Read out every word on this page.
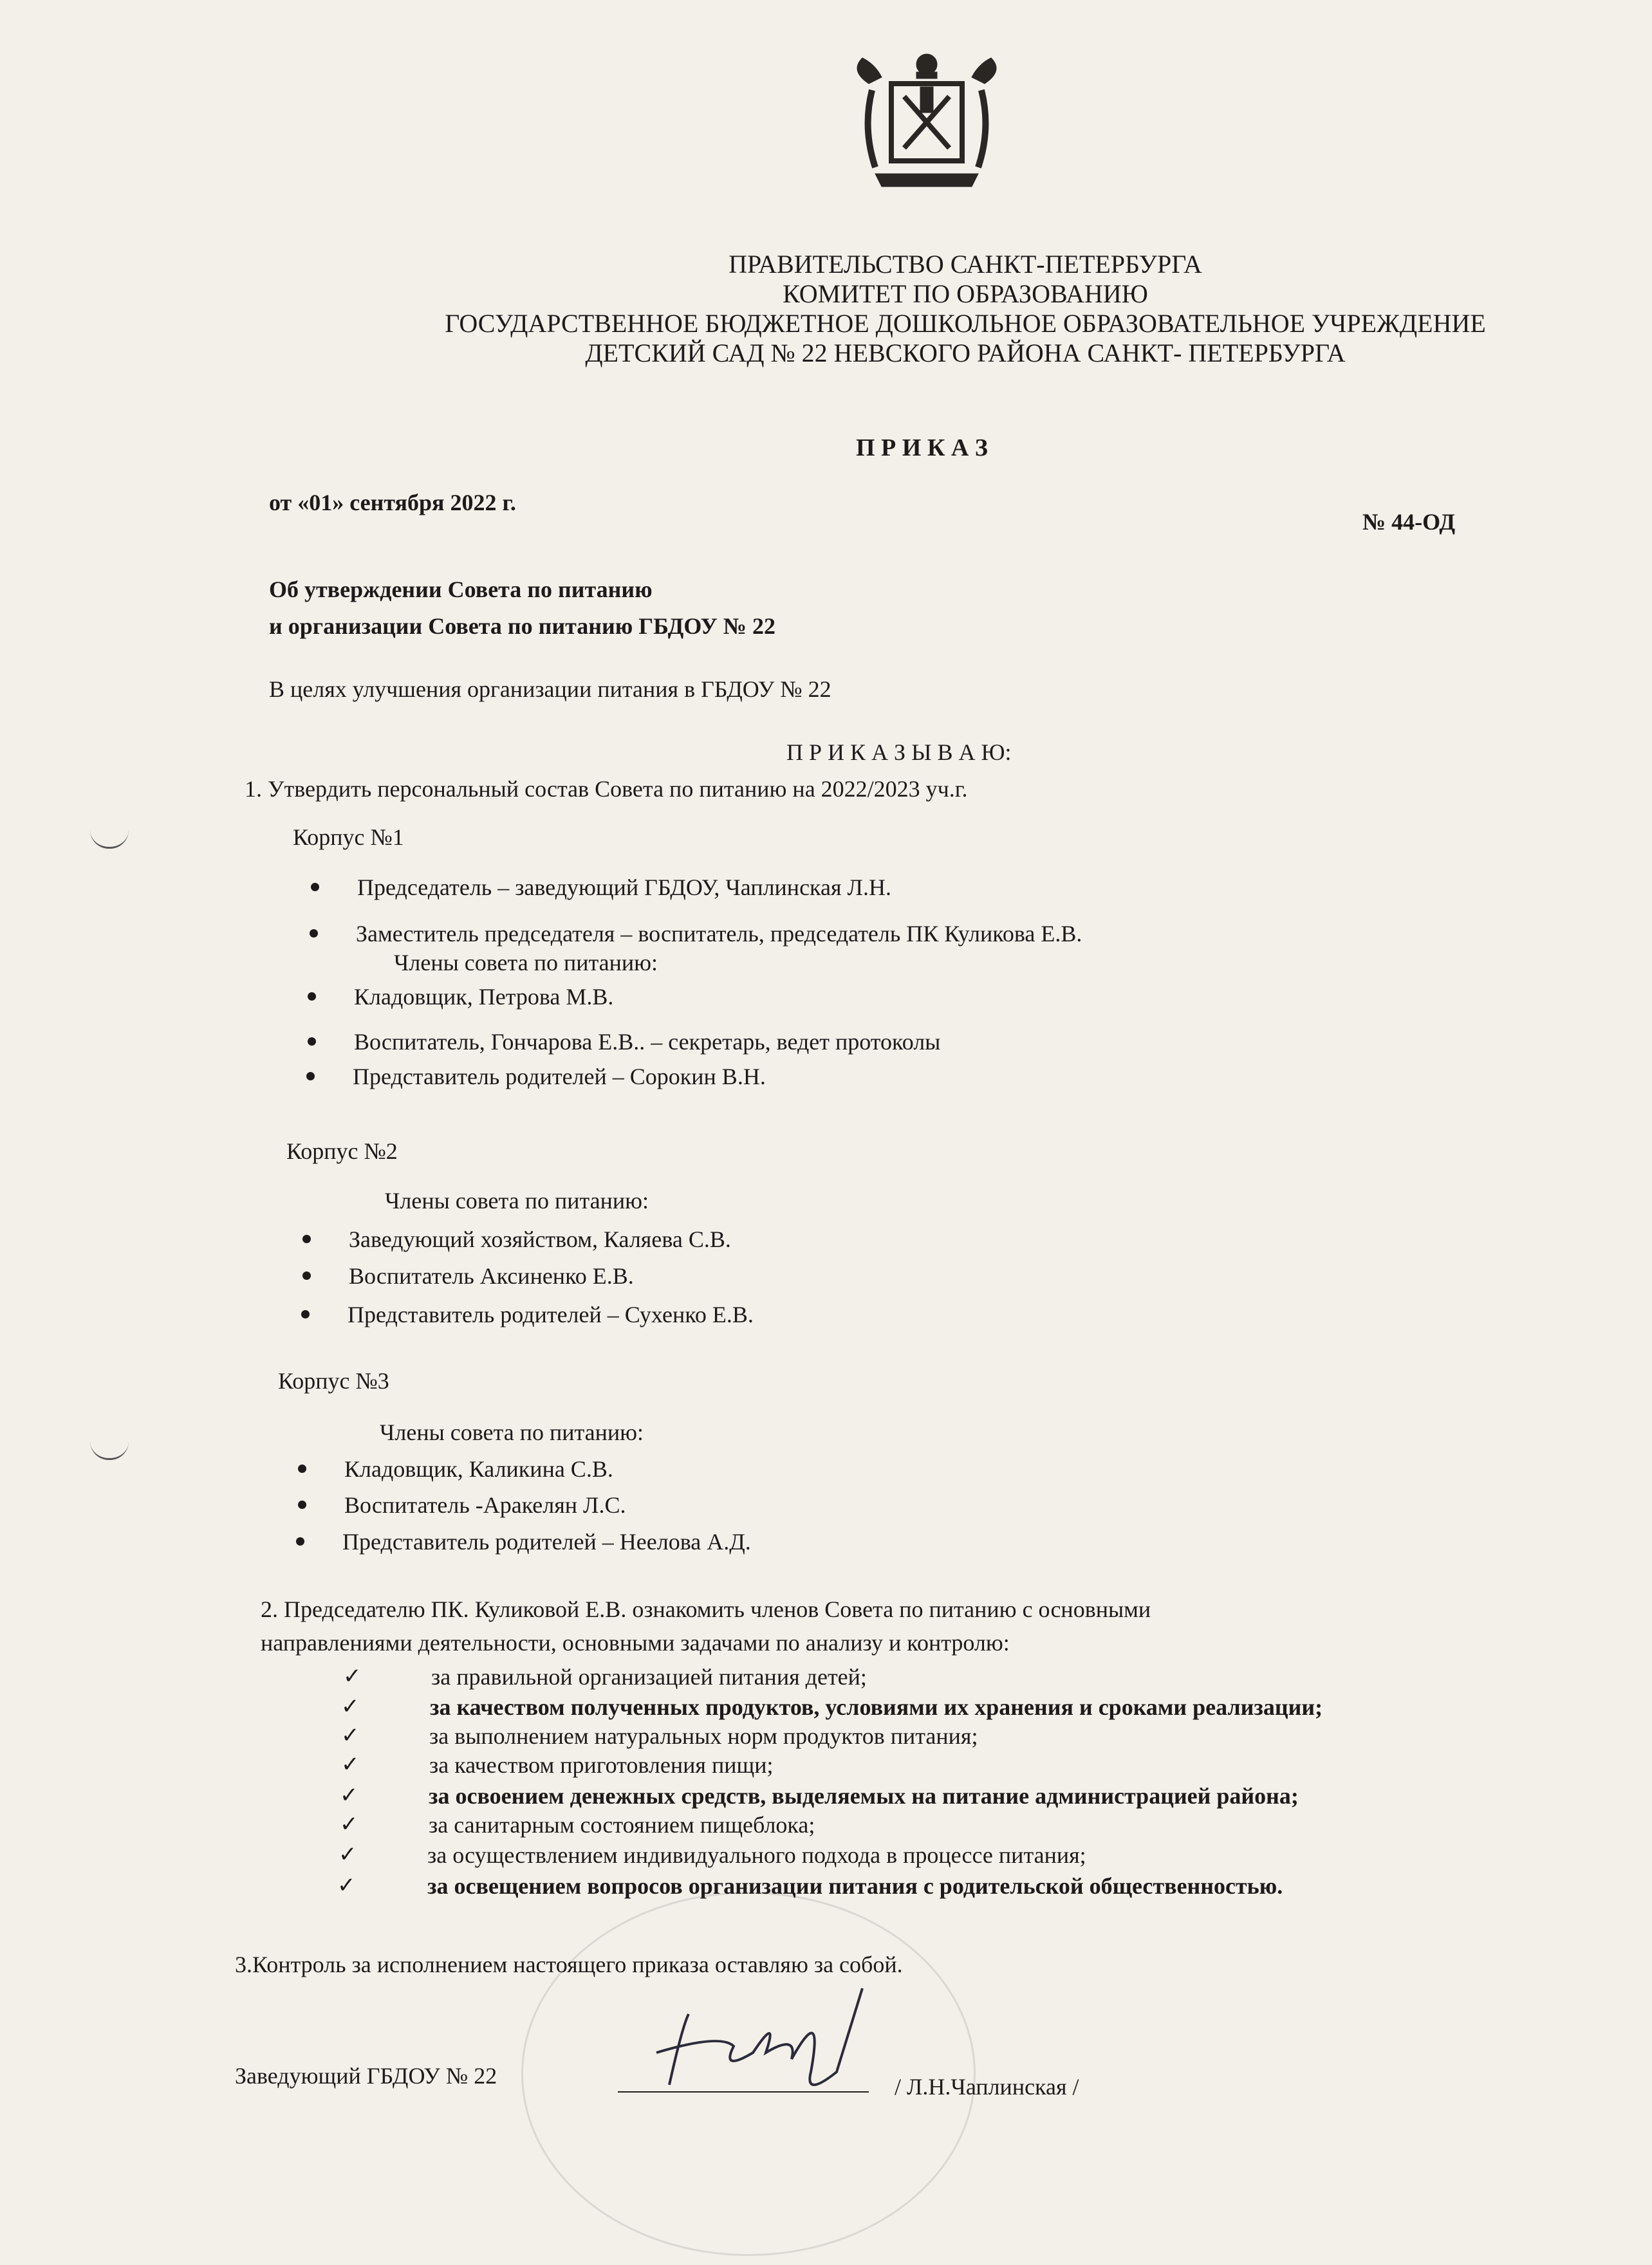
ПРАВИТЕЛЬСТВО САНКТ-ПЕТЕРБУРГА
КОМИТЕТ ПО ОБРАЗОВАНИЮ
ГОСУДАРСТВЕННОЕ БЮДЖЕТНОЕ ДОШКОЛЬНОЕ ОБРАЗОВАТЕЛЬНОЕ УЧРЕЖДЕНИЕ
ДЕТСКИЙ САД № 22 НЕВСКОГО РАЙОНА САНКТ- ПЕТЕРБУРГА
П Р И К А З
от «01» сентября 2022 г.
№ 44-ОД
Об утверждении Совета по питанию
и организации Совета по питанию ГБДОУ № 22
В целях улучшения организации питания в ГБДОУ № 22
П Р И К А З Ы В А Ю:
1. Утвердить персональный состав Совета по питанию на 2022/2023 уч.г.
Корпус №1
Председатель – заведующий ГБДОУ, Чаплинская Л.Н.
Заместитель председателя – воспитатель, председатель ПК Куликова Е.В.
Члены совета по питанию:
Кладовщик, Петрова М.В.
Воспитатель, Гончарова Е.В.. – секретарь, ведет протоколы
Представитель родителей – Сорокин В.Н.
Корпус №2
Члены совета по питанию:
Заведующий хозяйством, Каляева С.В.
Воспитатель Аксиненко Е.В.
Представитель родителей – Сухенко Е.В.
Корпус №3
Члены совета по питанию:
Кладовщик, Каликина С.В.
Воспитатель -Аракелян Л.С.
Представитель родителей – Неелова А.Д.
2. Председателю ПК. Куликовой Е.В. ознакомить членов Совета по питанию с основными
направлениями деятельности, основными задачами по анализу и контролю:
✓	за правильной организацией питания детей;
✓	за качеством полученных продуктов, условиями их хранения и сроками реализации;
✓	за выполнением натуральных норм продуктов питания;
✓	за качеством приготовления пищи;
✓	за освоением денежных средств, выделяемых на питание администрацией района;
✓	за санитарным состоянием пищеблока;
✓	за осуществлением индивидуального подхода в процессе питания;
✓	за освещением вопросов организации питания с родительской общественностью.
3.Контроль за исполнением настоящего приказа оставляю за собой.
Заведующий ГБДОУ № 22	/ Л.Н.Чаплинская /
